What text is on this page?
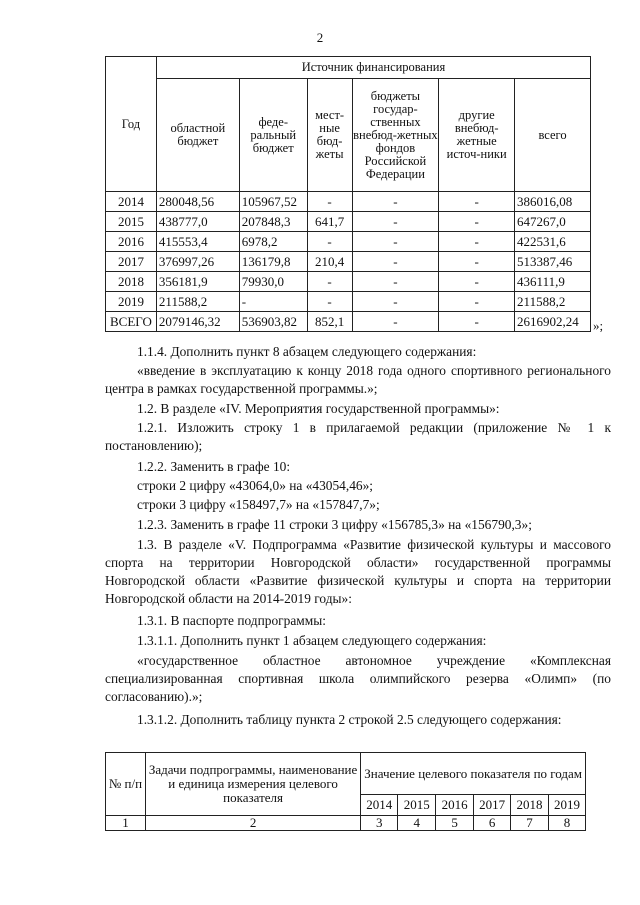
2
Год	Источник финансирования					
	областной бюджет	феде-ральный бюджет	мест-ные бюд-жеты	бюджеты государ-ственных внебюд-жетных фондов Российской Федерации	другие внебюд-жетные источ-ники	всего
2014	280048,56	105967,52	-	-	-	386016,08
2015	438777,0	207848,3	641,7	-	-	647267,0
2016	415553,4	6978,2	-	-	-	422531,6
2017	376997,26	136179,8	210,4	-	-	513387,46
2018	356181,9	79930,0	-	-	-	436111,9
2019	211588,2	-	-	-	-	211588,2
ВСЕГО	2079146,32	536903,82	852,1	-	-	2616902,24 »;
1.1.4. Дополнить пункт 8 абзацем следующего содержания:
«введение в эксплуатацию к концу 2018 года одного спортивного регионального центра в рамках государственной программы.»;
1.2. В разделе «IV. Мероприятия государственной программы»:
1.2.1. Изложить строку 1 в прилагаемой редакции (приложение № 1 к постановлению);
1.2.2. Заменить в графе 10:
строки 2 цифру «43064,0» на «43054,46»;
строки 3 цифру «158497,7» на «157847,7»;
1.2.3. Заменить в графе 11 строки 3 цифру «156785,3» на «156790,3»;
1.3. В разделе «V. Подпрограмма «Развитие физической культуры и массового спорта на территории Новгородской области» государственной программы Новгородской области «Развитие физической культуры и спорта на территории Новгородской области на 2014-2019 годы»:
1.3.1. В паспорте подпрограммы:
1.3.1.1. Дополнить пункт 1 абзацем следующего содержания:
«государственное областное автономное учреждение «Комплексная специализированная спортивная школа олимпийского резерва «Олимп» (по согласованию).»;
1.3.1.2. Дополнить таблицу пункта 2 строкой 2.5 следующего содержания:
№ п/п	Задачи подпрограммы, наименование и единица измерения целевого показателя	Значение целевого показателя по годам					
		2014	2015	2016	2017	2018	2019
1	2	3	4	5	6	7	8
